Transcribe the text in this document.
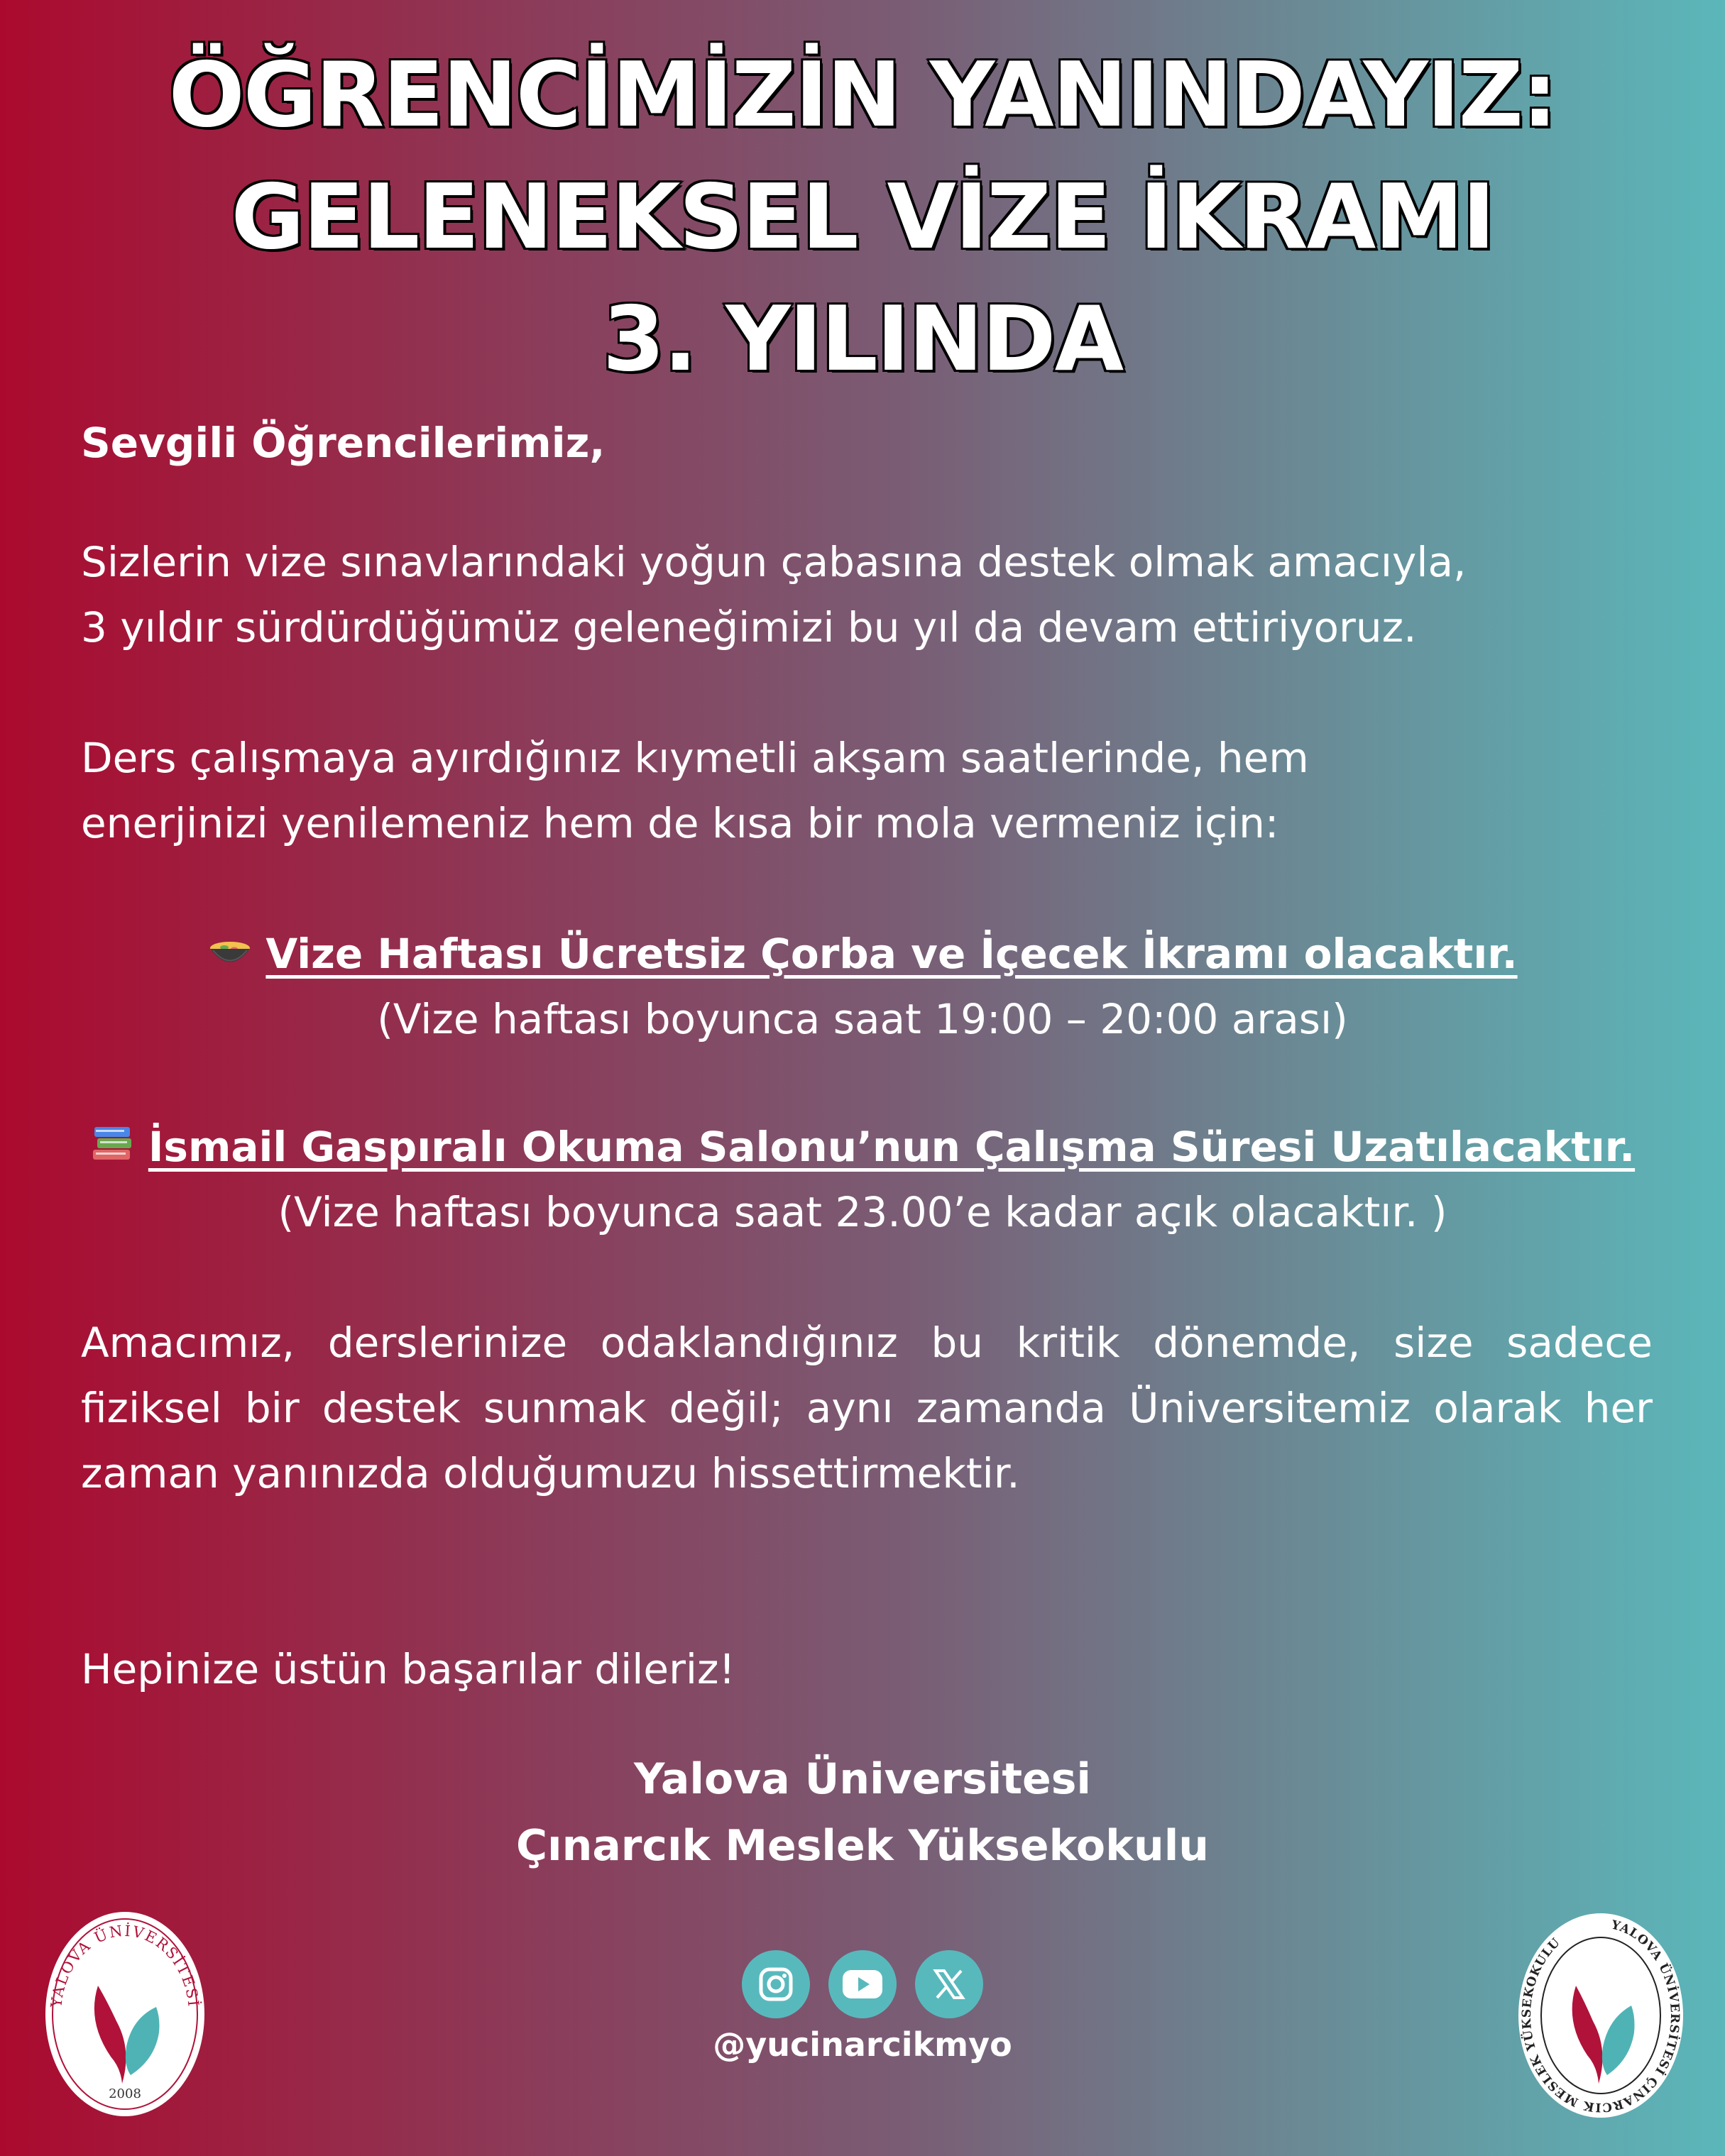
ÖĞRENCİMİZİN YANINDAYIZ:
GELENEKSEL VİZE İKRAMI
3. YILINDA
Sevgili Öğrencilerimiz,
Sizlerin vize sınavlarındaki yoğun çabasına destek olmak amacıyla,
3 yıldır sürdürdüğümüz geleneğimizi bu yıl da devam ettiriyoruz.
Ders çalışmaya ayırdığınız kıymetli akşam saatlerinde, hem
enerjinizi yenilemeniz hem de kısa bir mola vermeniz için:
Vize Haftası Ücretsiz Çorba ve İçecek İkramı olacaktır.
(Vize haftası boyunca saat 19:00 – 20:00 arası)
İsmail Gaspıralı Okuma Salonu’nun Çalışma Süresi Uzatılacaktır.
(Vize haftası boyunca saat 23.00’e kadar açık olacaktır. )
Amacımız, derslerinize odaklandığınız bu kritik dönemde, size sadece fiziksel bir destek sunmak değil; aynı zamanda Üniversitemiz olarak her zaman yanınızda olduğumuzu hissettirmektir.
Hepinize üstün başarılar dileriz!
Yalova Üniversitesi
Çınarcık Meslek Yüksekokulu
@yucinarcikmyo
YALOVA ÜNİVERSİTESİ
2008
YALOVA ÜNİVERSİTESİ ÇINARCIK MESLEK YÜKSEKOKULU
